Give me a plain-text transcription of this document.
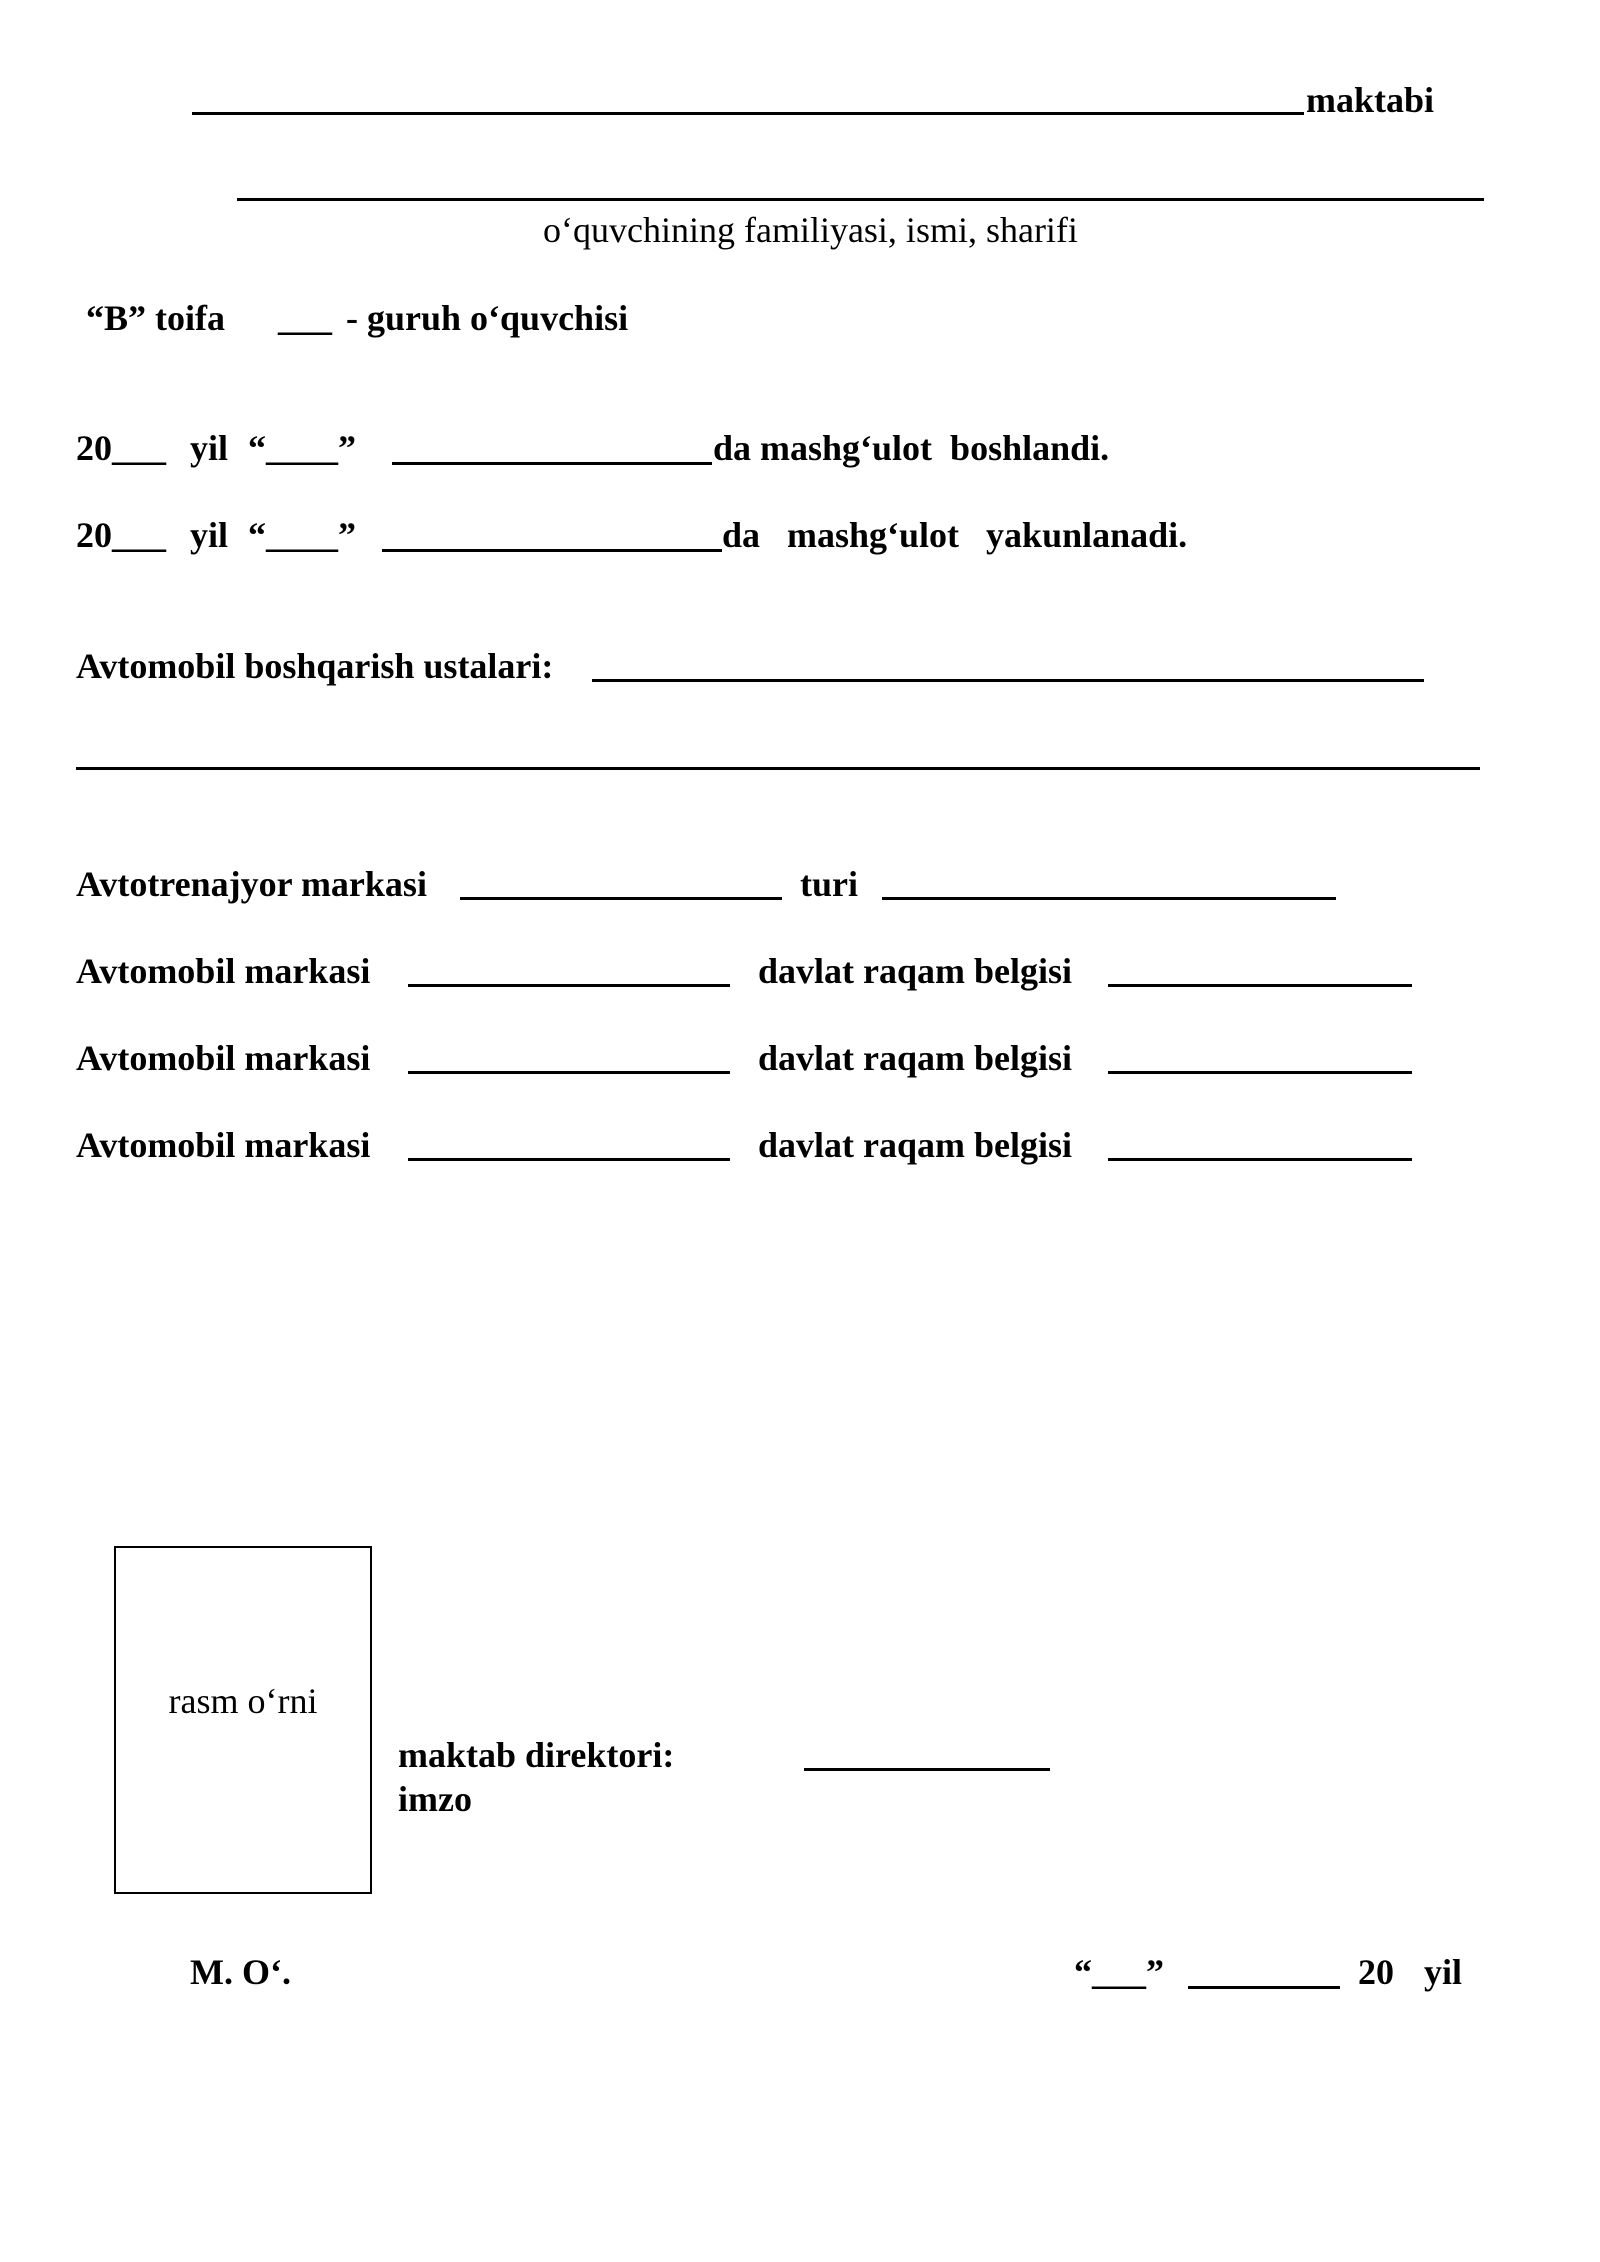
maktabi
o‘quvchining familiyasi, ismi, sharifi
“B” toifa ___ - guruh o‘quvchisi
20___ yil “____”	da mashg‘ulot  boshlandi.
20___ yil “____”	da   mashg‘ulot   yakunlanadi.
Avtomobil boshqarish ustalari:
Avtotrenajyor markasi	turi
Avtomobil markasi	davlat raqam belgisi
Avtomobil markasi	davlat raqam belgisi
Avtomobil markasi	davlat raqam belgisi
rasm o‘rni
maktab direktori:
imzo
M. O‘.	“___”	20 yil
